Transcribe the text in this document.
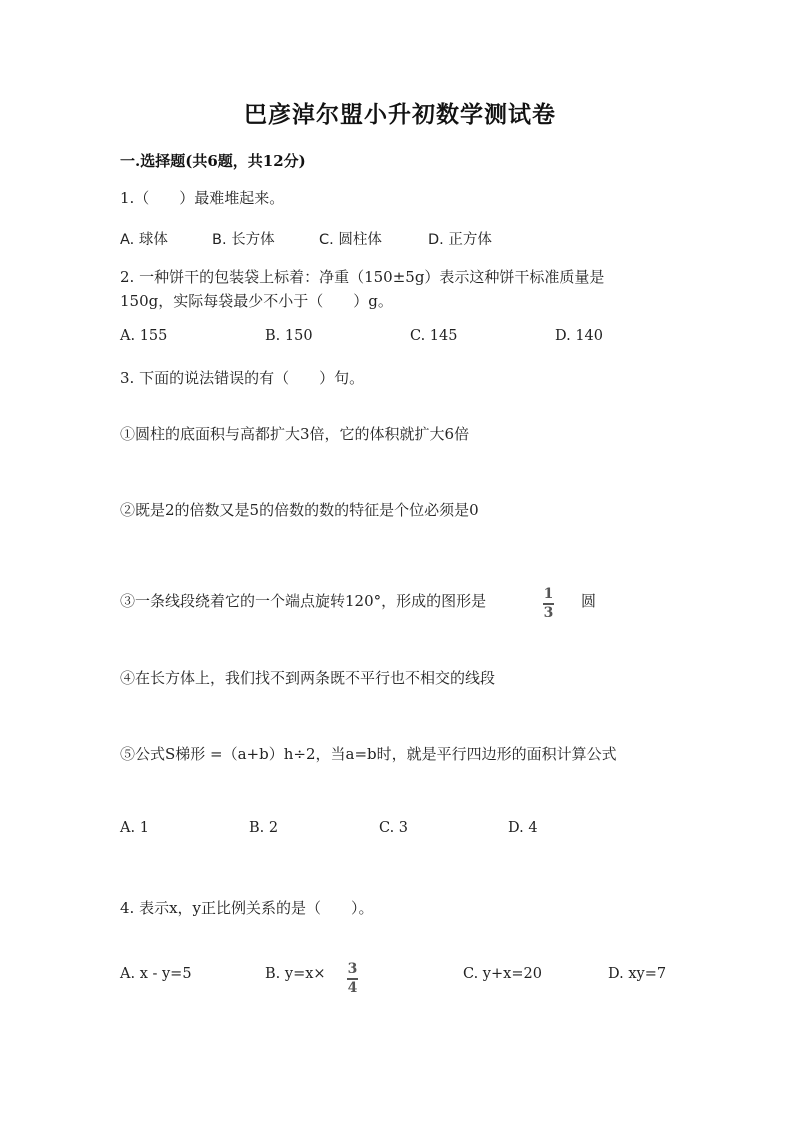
巴彦淖尔盟小升初数学测试卷
一.选择题(共6题，共12分)
1.（　　）最难堆起来。
A. 球体	B. 长方体	C. 圆柱体	D. 正方体
2. 一种饼干的包装袋上标着：净重（150±5g）表示这种饼干标准质量是
150g，实际每袋最少不小于（　　）g。
A. 155	B. 150	C. 145	D. 140
3. 下面的说法错误的有（　　）句。
①圆柱的底面积与高都扩大3倍，它的体积就扩大6倍
②既是2的倍数又是5的倍数的数的特征是个位必须是0
③一条线段绕着它的一个端点旋转120°，形成的图形是	$\frac{1}{3}$ 圆
④在长方体上，我们找不到两条既不平行也不相交的线段
⑤公式S梯形 =（a+b）h÷2，当a=b时，就是平行四边形的面积计算公式
A. 1	B. 2	C. 3	D. 4
4. 表示x，y正比例关系的是（　　）。
A. x - y=5	B. $y=x\times \frac{3}{4}$	C. y+x=20	D. xy=7
